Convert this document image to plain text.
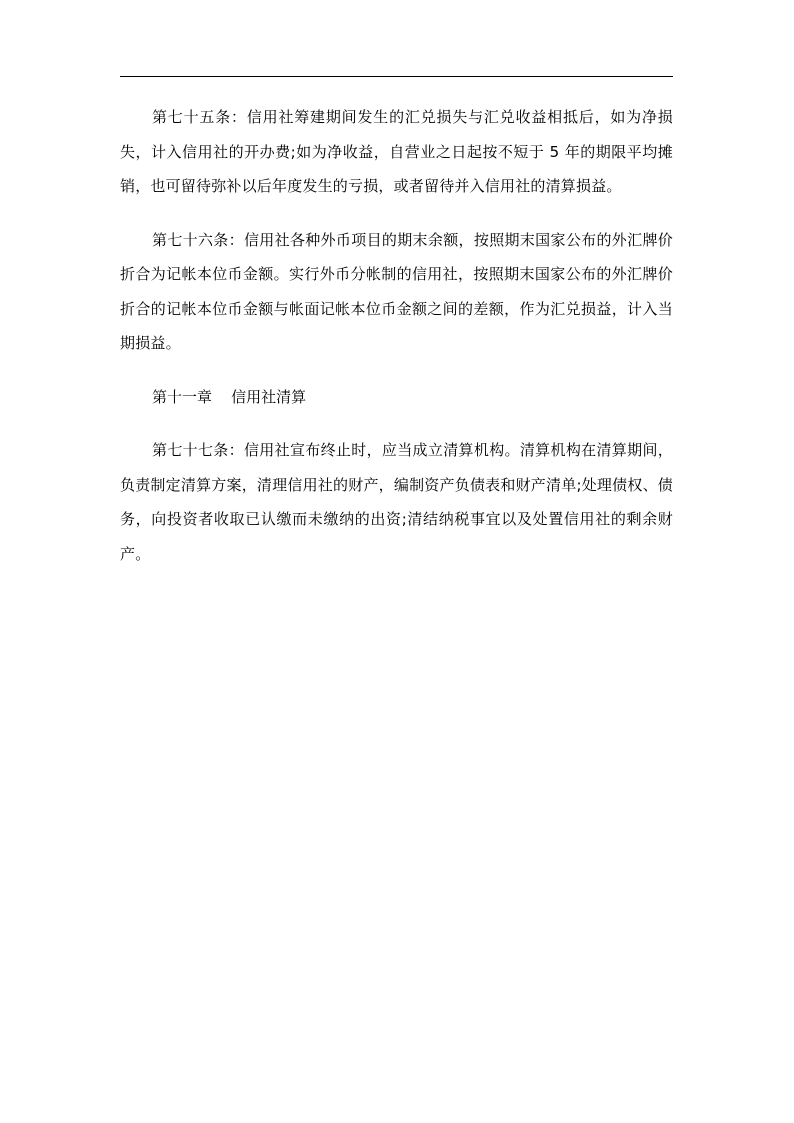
第七十五条：信用社筹建期间发生的汇兑损失与汇兑收益相抵后，如为净损失，计入信用社的开办费;如为净收益，自营业之日起按不短于 5 年的期限平均摊销，也可留待弥补以后年度发生的亏损，或者留待并入信用社的清算损益。

第七十六条：信用社各种外币项目的期末余额，按照期末国家公布的外汇牌价折合为记帐本位币金额。实行外币分帐制的信用社，按照期末国家公布的外汇牌价折合的记帐本位币金额与帐面记帐本位币金额之间的差额，作为汇兑损益，计入当期损益。

第十一章    信用社清算

第七十七条：信用社宣布终止时，应当成立清算机构。清算机构在清算期间，负责制定清算方案，清理信用社的财产，编制资产负债表和财产清单;处理债权、债务，向投资者收取已认缴而未缴纳的出资;清结纳税事宜以及处置信用社的剩余财产。
